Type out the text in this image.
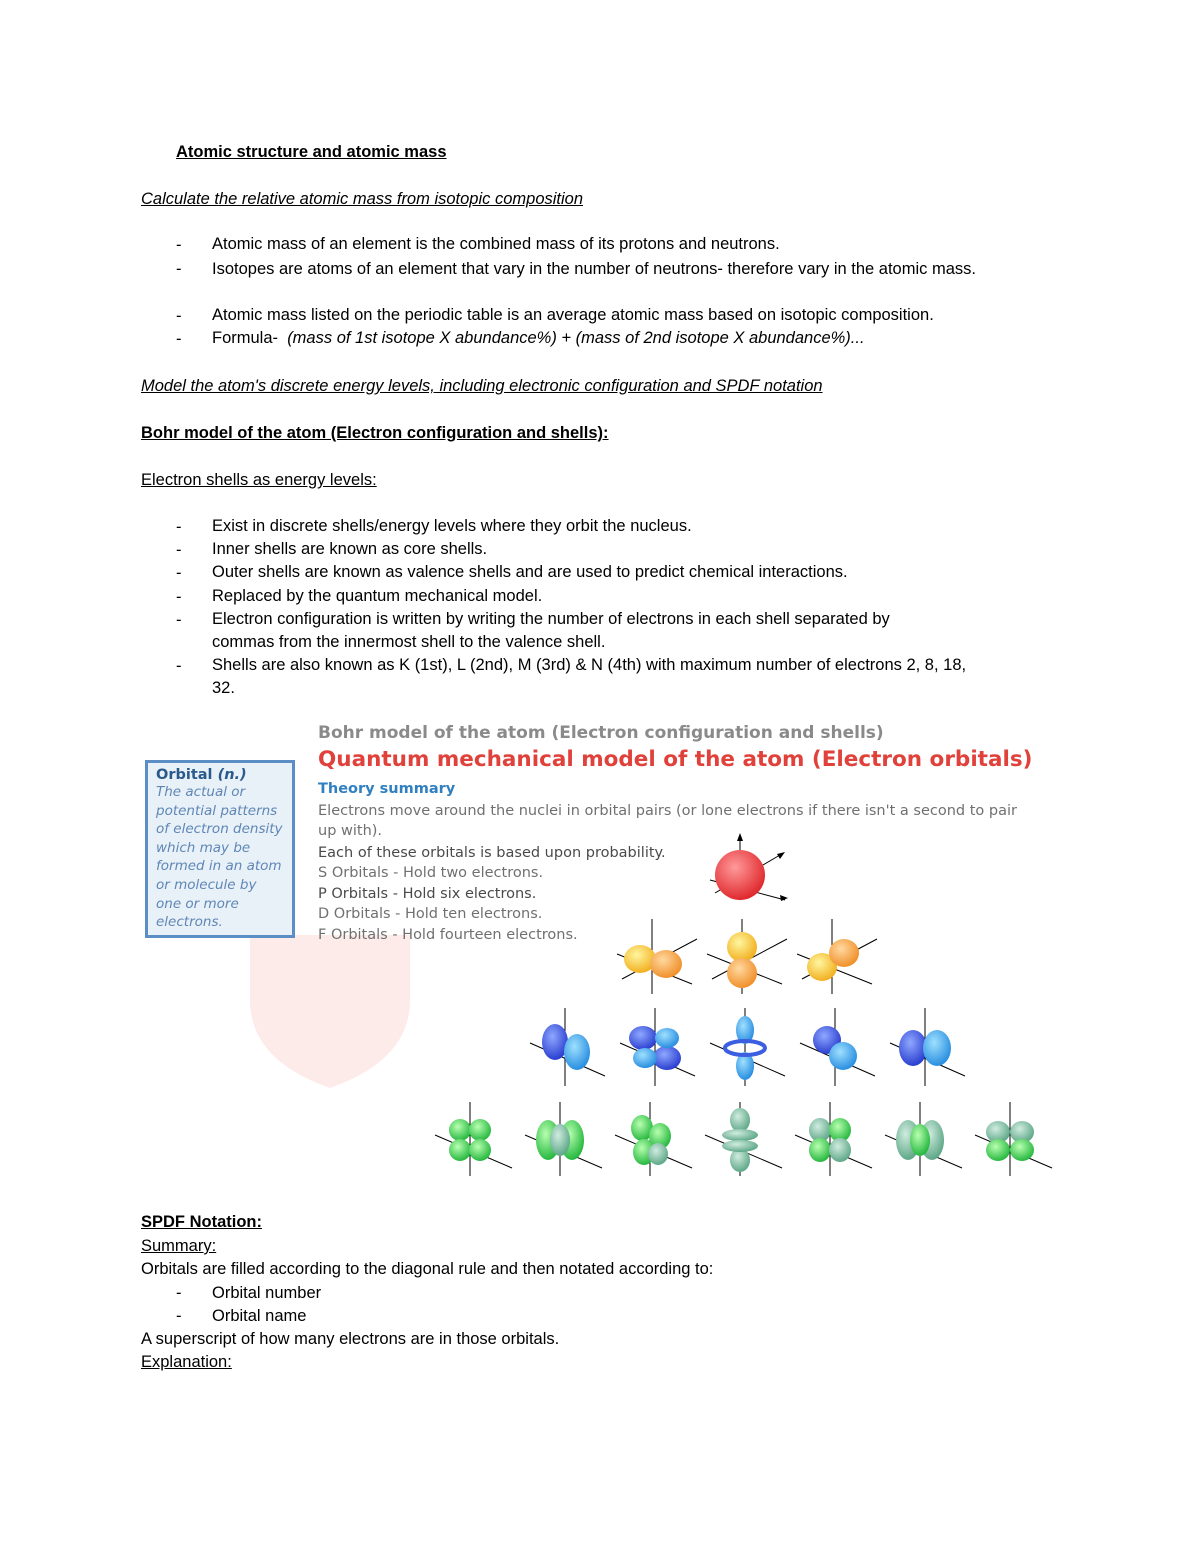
Atomic structure and atomic mass
Calculate the relative atomic mass from isotopic composition
- Atomic mass of an element is the combined mass of its protons and neutrons.
- Isotopes are atoms of an element that vary in the number of neutrons- therefore vary in the atomic mass.
- Atomic mass listed on the periodic table is an average atomic mass based on isotopic composition.
- Formula- (mass of 1st isotope X abundance%) + (mass of 2nd isotope X abundance%)...
Model the atom's discrete energy levels, including electronic configuration and SPDF notation
Bohr model of the atom (Electron configuration and shells):
Electron shells as energy levels:
- Exist in discrete shells/energy levels where they orbit the nucleus.
- Inner shells are known as core shells.
- Outer shells are known as valence shells and are used to predict chemical interactions.
- Replaced by the quantum mechanical model.
- Electron configuration is written by writing the number of electrons in each shell separated by commas from the innermost shell to the valence shell.
- Shells are also known as K (1st), L (2nd), M (3rd) & N (4th) with maximum number of electrons 2, 8, 18, 32.
Bohr model of the atom (Electron configuration and shells)
Quantum mechanical model of the atom (Electron orbitals)
Theory summary
Electrons move around the nuclei in orbital pairs (or lone electrons if there isn't a second to pair
up with).
Each of these orbitals is based upon probability.
S Orbitals - Hold two electrons.
P Orbitals - Hold six electrons.
D Orbitals - Hold ten electrons.
F Orbitals - Hold fourteen electrons.
Orbital (n.)
The actual or potential patterns of electron density which may be formed in an atom or molecule by one or more electrons.
SPDF Notation:
Summary:
Orbitals are filled according to the diagonal rule and then notated according to:
- Orbital number
- Orbital name
A superscript of how many electrons are in those orbitals.
Explanation:
